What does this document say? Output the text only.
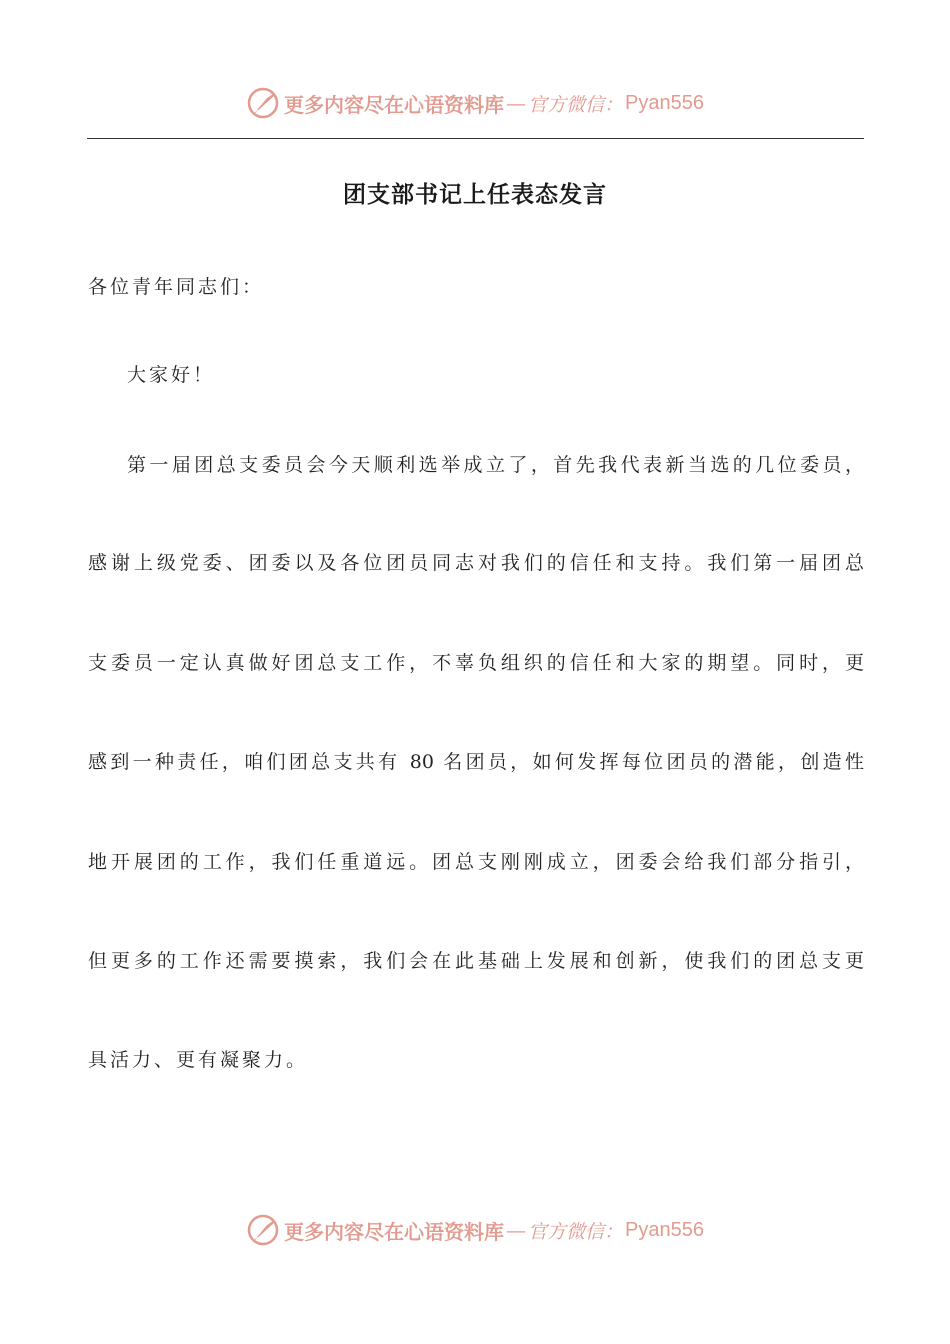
更多内容尽在心语资料库 — 官方微信： Pyan556
团支部书记上任表态发言
各位青年同志们：
大家好！
第一届团总支委员会今天顺利选举成立了，首先我代表新当选的几位委员，
感谢上级党委、团委以及各位团员同志对我们的信任和支持。我们第一届团总
支委员一定认真做好团总支工作，不辜负组织的信任和大家的期望。同时，更
感到一种责任，咱们团总支共有 80 名团员，如何发挥每位团员的潜能，创造性
地开展团的工作，我们任重道远。团总支刚刚成立，团委会给我们部分指引，
但更多的工作还需要摸索，我们会在此基础上发展和创新，使我们的团总支更
具活力、更有凝聚力。
更多内容尽在心语资料库 — 官方微信： Pyan556
